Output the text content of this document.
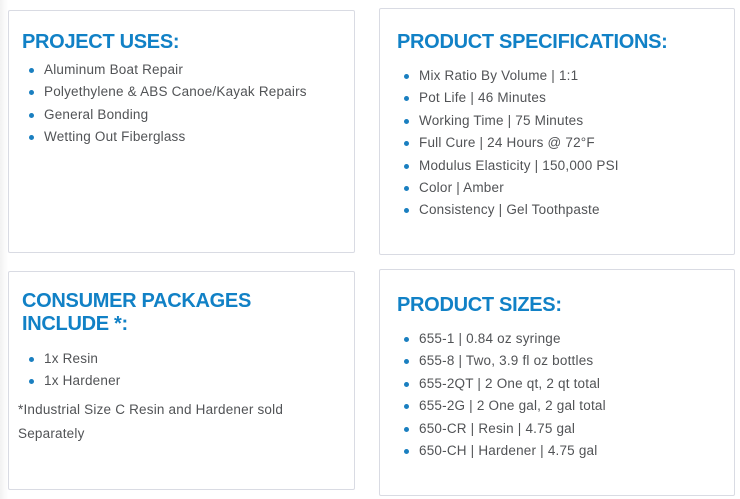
PROJECT USES:
Aluminum Boat Repair
Polyethylene & ABS Canoe/Kayak Repairs
General Bonding
Wetting Out Fiberglass
PRODUCT SPECIFICATIONS:
Mix Ratio By Volume | 1:1
Pot Life | 46 Minutes
Working Time | 75 Minutes
Full Cure | 24 Hours @ 72°F
Modulus Elasticity | 150,000 PSI
Color | Amber
Consistency | Gel Toothpaste
CONSUMER PACKAGES INCLUDE *:
1x Resin
1x Hardener

*Industrial Size C Resin and Hardener sold Separately

PRODUCT SIZES:
655-1 | 0.84 oz syringe
655-8 | Two, 3.9 fl oz bottles
655-2QT | 2 One qt, 2 qt total
655-2G | 2 One gal, 2 gal total
650-CR | Resin | 4.75 gal
650-CH | Hardener | 4.75 gal
